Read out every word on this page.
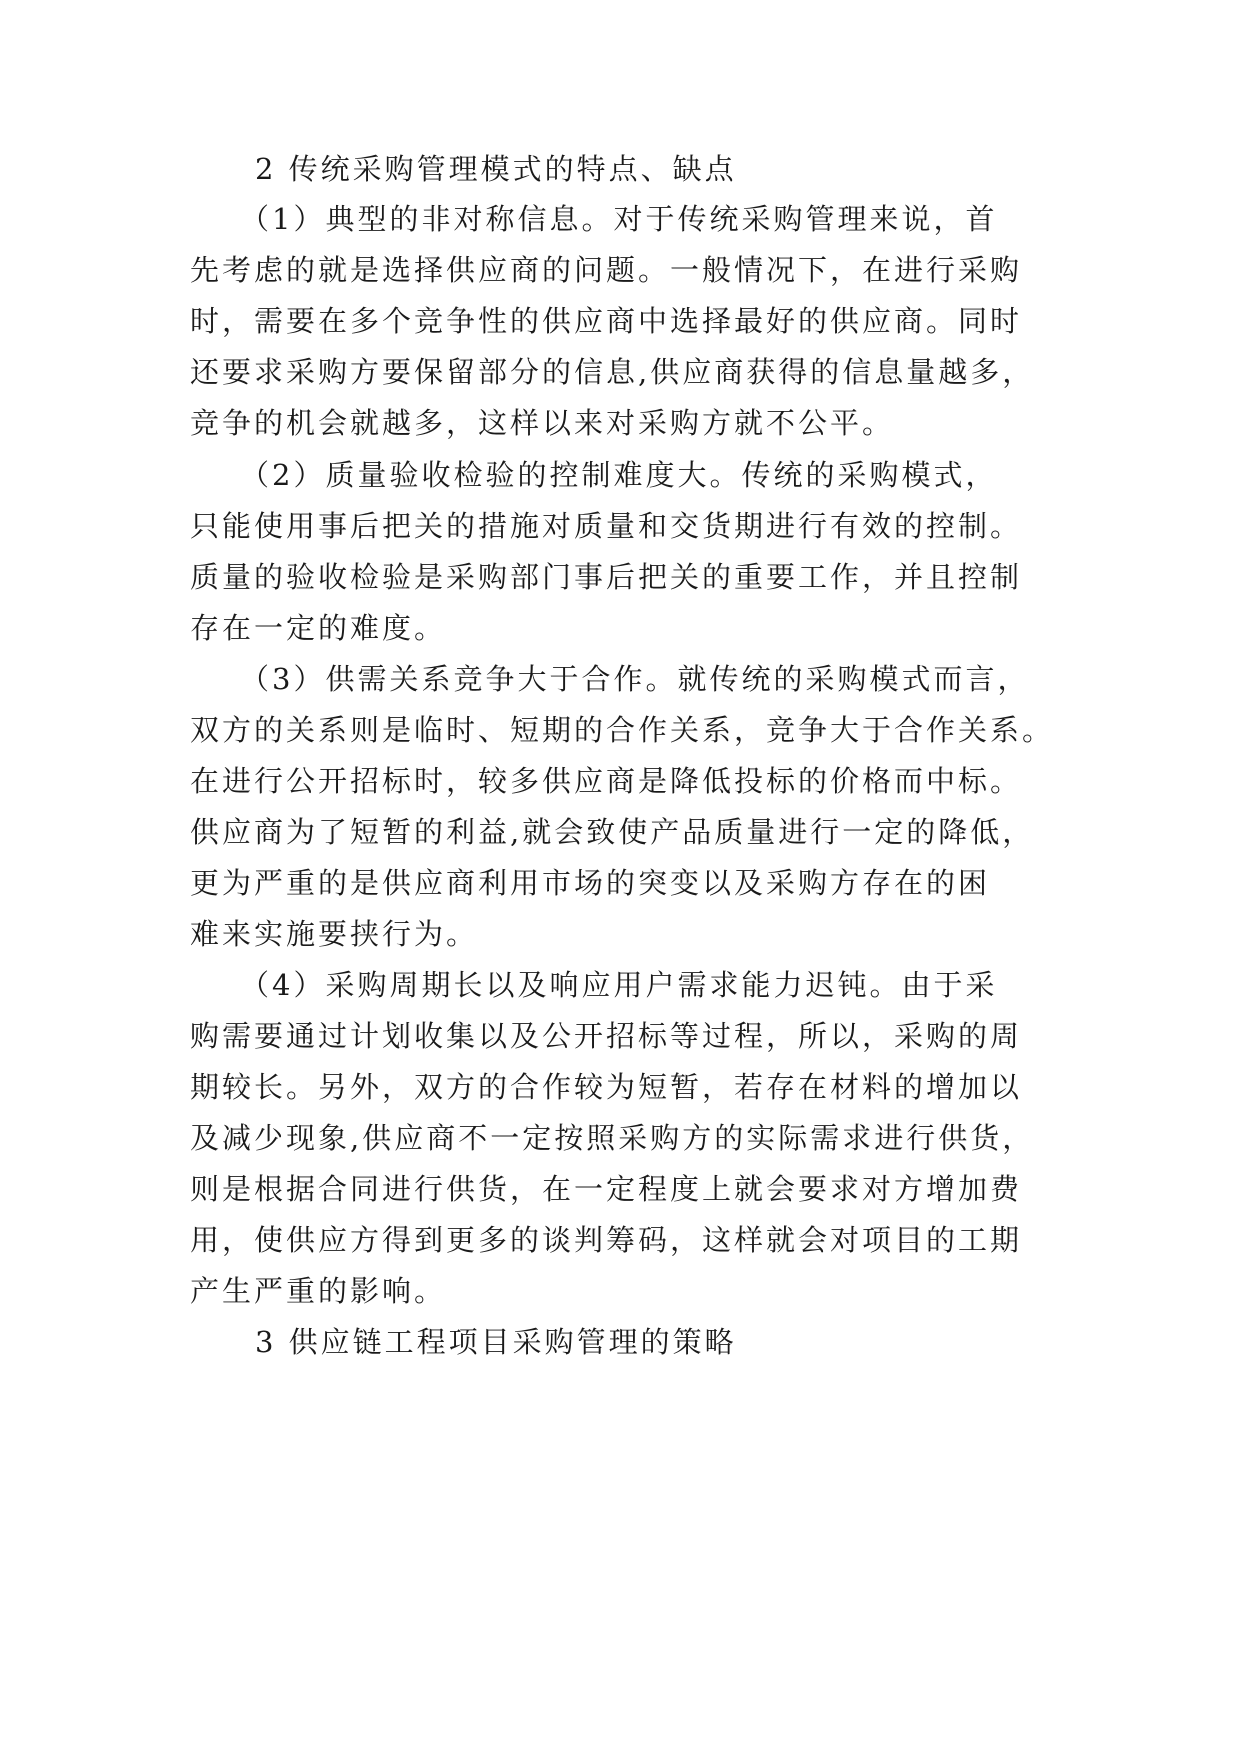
2 传统采购管理模式的特点、缺点
（1）典型的非对称信息。对于传统采购管理来说，首
先考虑的就是选择供应商的问题。一般情况下，在进行采购
时，需要在多个竞争性的供应商中选择最好的供应商。同时
还要求采购方要保留部分的信息,供应商获得的信息量越多，
竞争的机会就越多，这样以来对采购方就不公平。
（2）质量验收检验的控制难度大。传统的采购模式，
只能使用事后把关的措施对质量和交货期进行有效的控制。
质量的验收检验是采购部门事后把关的重要工作，并且控制
存在一定的难度。
（3）供需关系竞争大于合作。就传统的采购模式而言，
双方的关系则是临时、短期的合作关系，竞争大于合作关系。
在进行公开招标时，较多供应商是降低投标的价格而中标。
供应商为了短暂的利益,就会致使产品质量进行一定的降低，
更为严重的是供应商利用市场的突变以及采购方存在的困
难来实施要挟行为。
（4）采购周期长以及响应用户需求能力迟钝。由于采
购需要通过计划收集以及公开招标等过程，所以，采购的周
期较长。另外，双方的合作较为短暂，若存在材料的增加以
及减少现象,供应商不一定按照采购方的实际需求进行供货，
则是根据合同进行供货，在一定程度上就会要求对方增加费
用，使供应方得到更多的谈判筹码，这样就会对项目的工期
产生严重的影响。
3 供应链工程项目采购管理的策略
